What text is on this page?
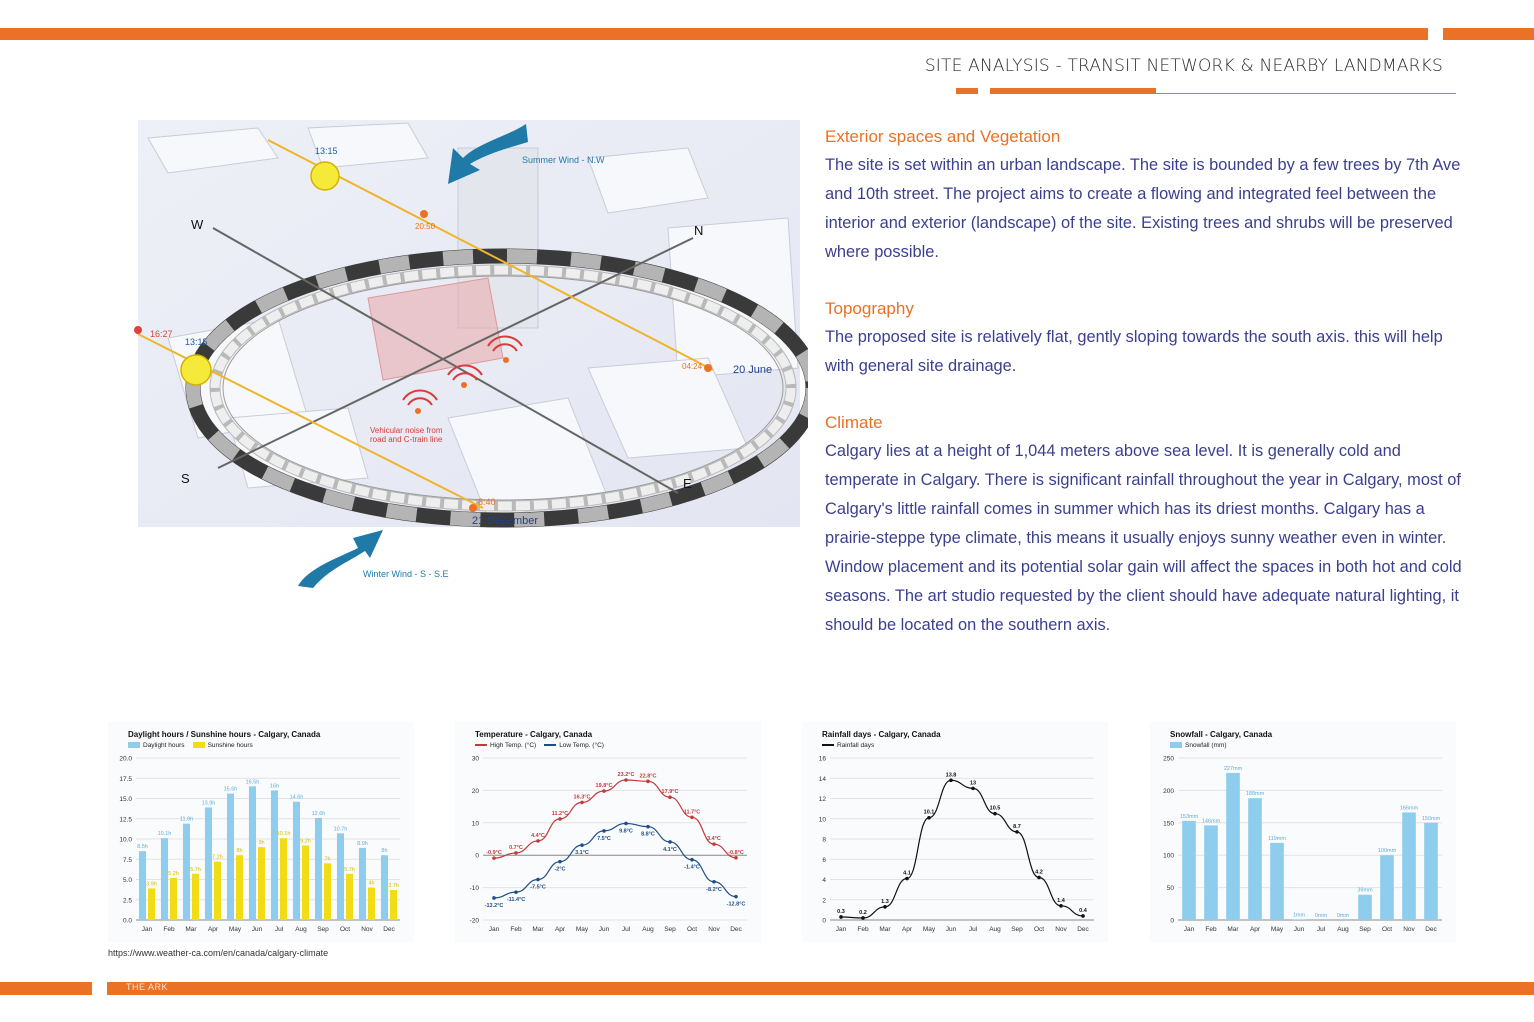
SITE ANALYSIS - TRANSIT NETWORK & NEARBY LANDMARKS
13:15
20:50
16:27
13:15
04:24
8:40
20 June
21 December
Summer Wind - N.W
Winter Wind - S - S.E
Vehicular noise from
road and C-train line
W	N
S	E

Exterior spaces and Vegetation

The site is set within an urban landscape. The site is bounded by a few trees by 7th Ave and 10th street. The project aims to create a flowing and integrated feel between the interior and exterior (landscape) of the site. Existing trees and shrubs will be preserved where possible.

Topography

The proposed site is relatively flat, gently sloping towards the south axis. this will help with general site drainage.

Climate

Calgary lies at a height of 1,044 meters above sea level. It is generally cold and temperate in Calgary. There is significant rainfall throughout the year in Calgary, most of Calgary's little rainfall comes in summer which has its driest months. Calgary has a prairie-steppe type climate, this means it usually enjoys sunny weather even in winter. Window placement and its potential solar gain will affect the spaces in both hot and cold seasons. The art studio requested by the client should have adequate natural lighting, it should be located on the southern axis.

Daylight hours / Sunshine hours - Calgary, Canada
Daylight hours	Sunshine hours
0.0
2.5
5.0
7.5
10.0
12.5
15.0
17.5
20.0
Jan Feb Mar Apr May Jun Jul Aug Sep Oct Nov Dec
8.5h
10.1h
11.9h
13.9h
15.6h
16.5h
16h
14.6h
12.6h
10.7h
8.9h
8h
3.9h
5.2h
5.7h
7.2h
8h
9h
10.1h
9.2h
7h
5.7h
4h 3.7h
Temperature - Calgary, Canada
High Temp. (°C)	Low Temp. (°C)
-20
-10
0
10
20
30
Jan Feb Mar Apr May Jun Jul Aug Sep Oct Nov Dec
-0.9°C
0.7°C
4.4°C
11.2°C
16.3°C
19.8°C
23.2°C 22.8°C
17.9°C
11.7°C
3.4°C
-0.8°C
-13.2°C
-11.4°C
-7.5°C
-2°C
3.1°C
7.5°C
9.8°C
8.8°C
4.1°C
-1.4°C
-8.2°C
-12.8°C
Rainfall days - Calgary, Canada
Rainfall days
0
2
4
6
8
10
12
14
16
Jan Feb Mar Apr May Jun Jul Aug Sep Oct Nov Dec
0.3	0.2
1.3
4.1
10.1
13.8
13
10.5
8.7
4.2
1.4
0.4
Snowfall - Calgary, Canada
Snowfall (mm)
0
50
100
150
200
250
Jan Feb Mar Apr May Jun Jul Aug Sep Oct Nov Dec
153mm
146mm
227mm
188mm
119mm
1mm 0mm 0mm
39mm
100mm
166mm
150mm
https://www.weather-ca.com/en/canada/calgary-climate
THE ARK
